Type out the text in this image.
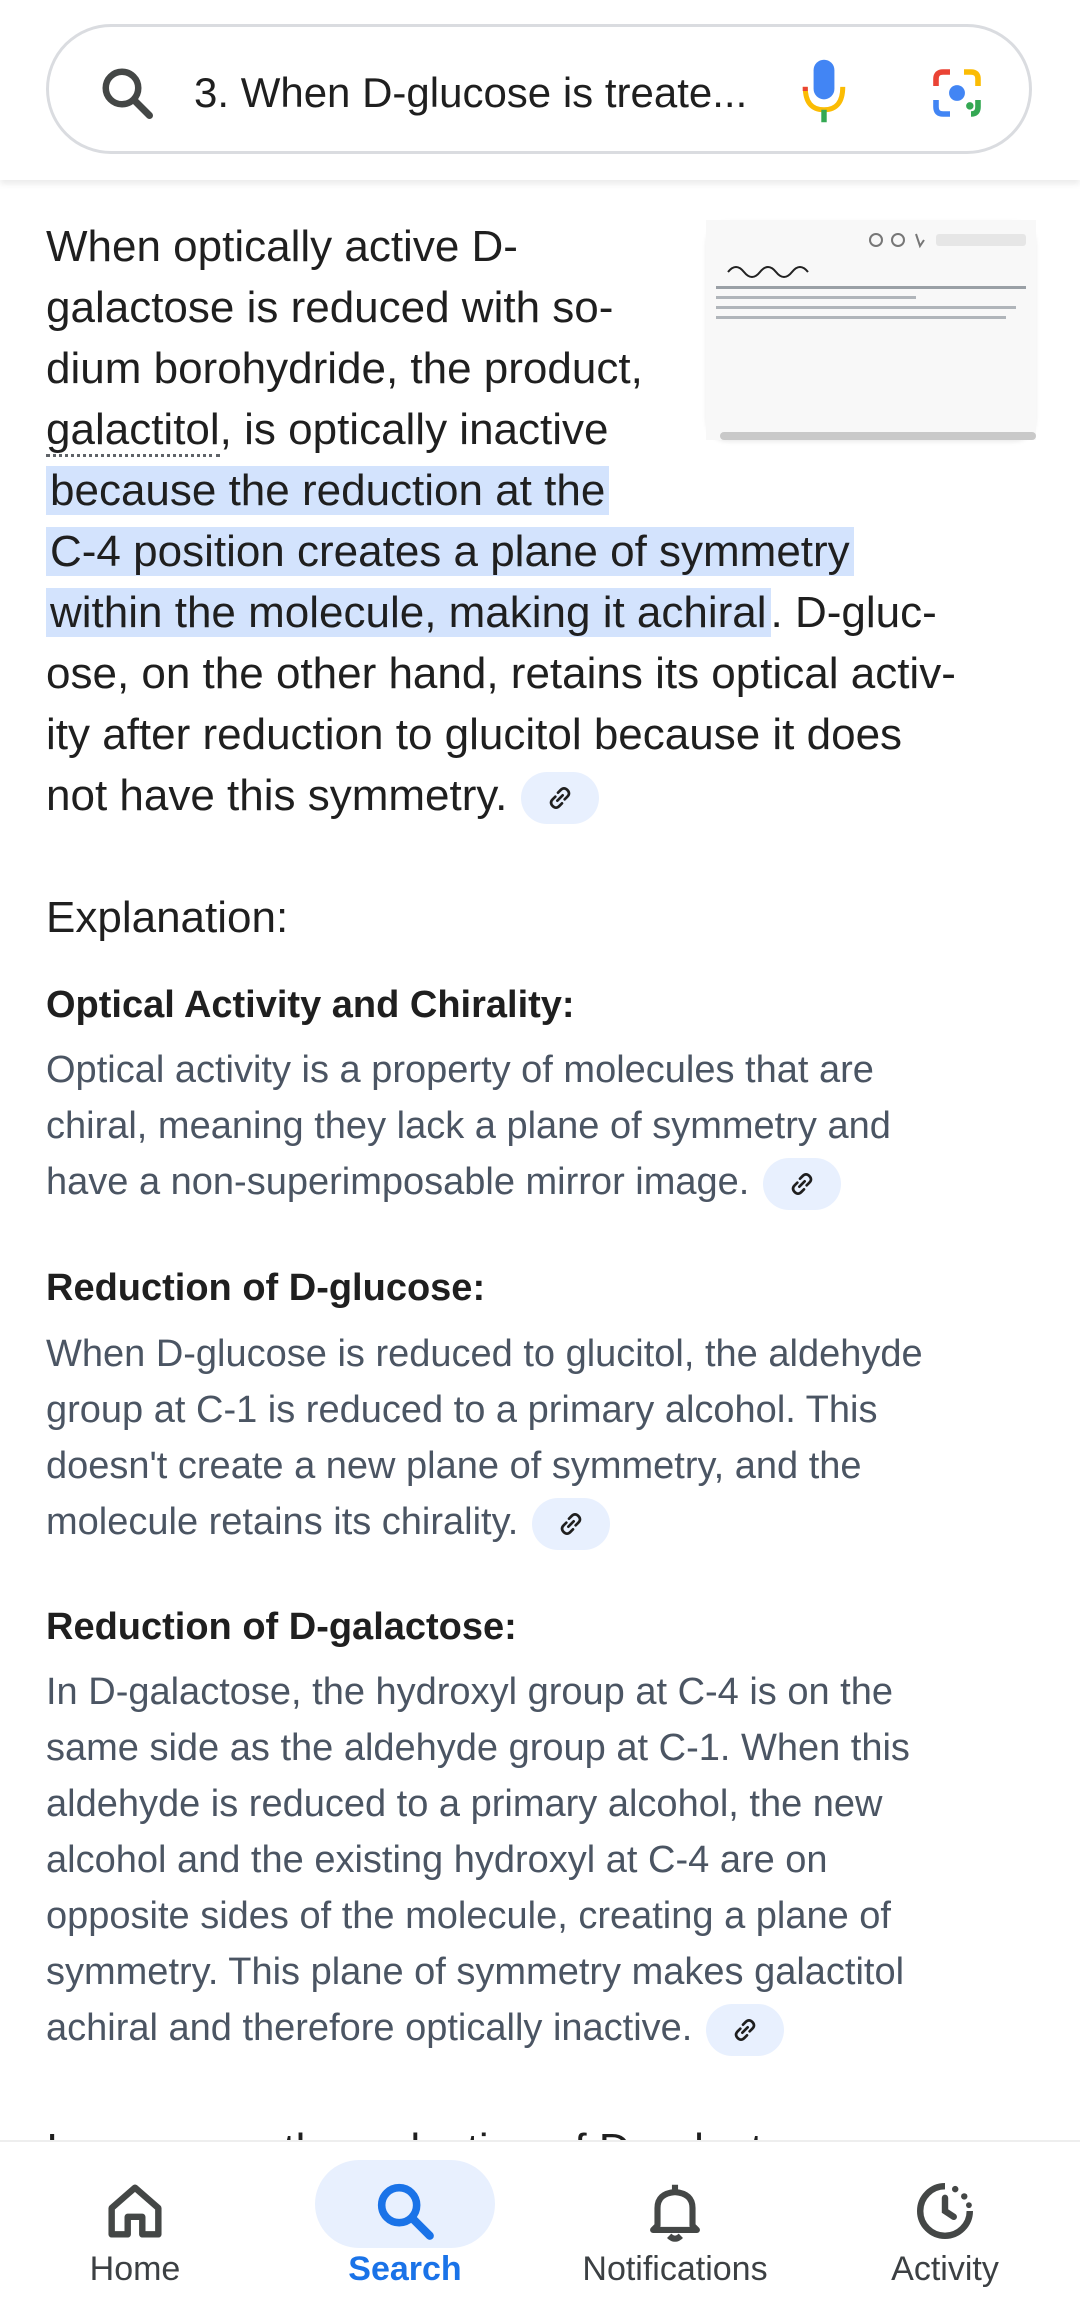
3. When D-glucose is treate...
When optically active D-
galactose is reduced with so-
dium borohydride, the product,
galactitol, is optically inactive
because the reduction at the
C-4 position creates a plane of symmetry
within the molecule, making it achiral. D-gluc-
ose, on the other hand, retains its optical activ-
ity after reduction to glucitol because it does
not have this symmetry.
Explanation:
Optical Activity and Chirality:
Optical activity is a property of molecules that are
chiral, meaning they lack a plane of symmetry and
have a non-superimposable mirror image.
Reduction of D-glucose:
When D-glucose is reduced to glucitol, the aldehyde
group at C-1 is reduced to a primary alcohol. This
doesn't create a new plane of symmetry, and the
molecule retains its chirality.
Reduction of D-galactose:
In D-galactose, the hydroxyl group at C-4 is on the
same side as the aldehyde group at C-1. When this
aldehyde is reduced to a primary alcohol, the new
alcohol and the existing hydroxyl at C-4 are on
opposite sides of the molecule, creating a plane of
symmetry. This plane of symmetry makes galactitol
achiral and therefore optically inactive.
Home	Search	Notifications	Activity
